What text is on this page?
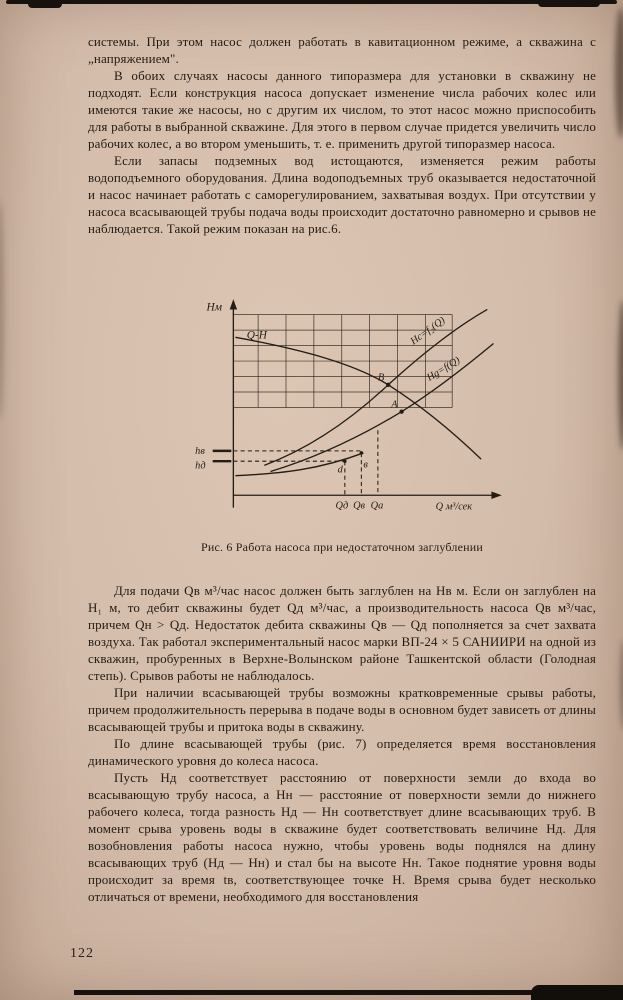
системы. При этом насос должен работать в кавитационном режиме, а скважина с „напряжением".

В обоих случаях насосы данного типоразмера для установки в скважину не подходят. Если конструкция насоса допускает изменение числа рабочих колес или имеются такие же насосы, но с другим их числом, то этот насос можно приспособить для работы в выбранной скважине. Для этого в первом случае придется увеличить число рабочих колес, а во втором уменьшить, т. е. применить другой типоразмер насоса.

Если запасы подземных вод истощаются, изменяется режим работы водоподъемного оборудования. Длина водоподъемных труб оказывается недостаточной и насос начинает работать с саморегулированием, захватывая воздух. При отсутствии у насоса всасывающей трубы подача воды происходит достаточно равномерно и срывов не наблюдается. Такой режим показан на рис.6.

Нм
Q-H	Нс=f₂(Q)
Нg=f(Q)
В
А
d в
hв
hд
Qд Qв Qа	Q м³/сек
Рис. 6 Работа насоса при недостаточном заглублении

Для подачи Qв м³/час насос должен быть заглублен на Нв м. Если он заглублен на Н₁ м, то дебит скважины будет Qд м³/час, а производительность насоса Qв м³/час, причем Qн > Qд. Недостаток дебита скважины Qв — Qд пополняется за счет захвата воздуха. Так работал экспериментальный насос марки ВП-24 × 5 САНИИРИ на одной из скважин, пробуренных в Верхне-Волынском районе Ташкентской области (Голодная степь). Срывов работы не наблюдалось.

При наличии всасывающей трубы возможны кратковременные срывы работы, причем продолжительность перерыва в подаче воды в основном будет зависеть от длины всасывающей трубы и притока воды в скважину.

По длине всасывающей трубы (рис. 7) определяется время восстановления динамического уровня до колеса насоса.

Пусть Нд соответствует расстоянию от поверхности земли до входа во всасывающую трубу насоса, а Нн — расстояние от поверхности земли до нижнего рабочего колеса, тогда разность Нд — Нн соответствует длине всасывающих труб. В момент срыва уровень воды в скважине будет соответствовать величине Нд. Для возобновления работы насоса нужно, чтобы уровень воды поднялся на длину всасывающих труб (Нд — Нн) и стал бы на высоте Нн. Такое поднятие уровня воды происходит за время tв, соответствующее точке Н. Время срыва будет несколько отличаться от времени, необходимого для восстановления

122
